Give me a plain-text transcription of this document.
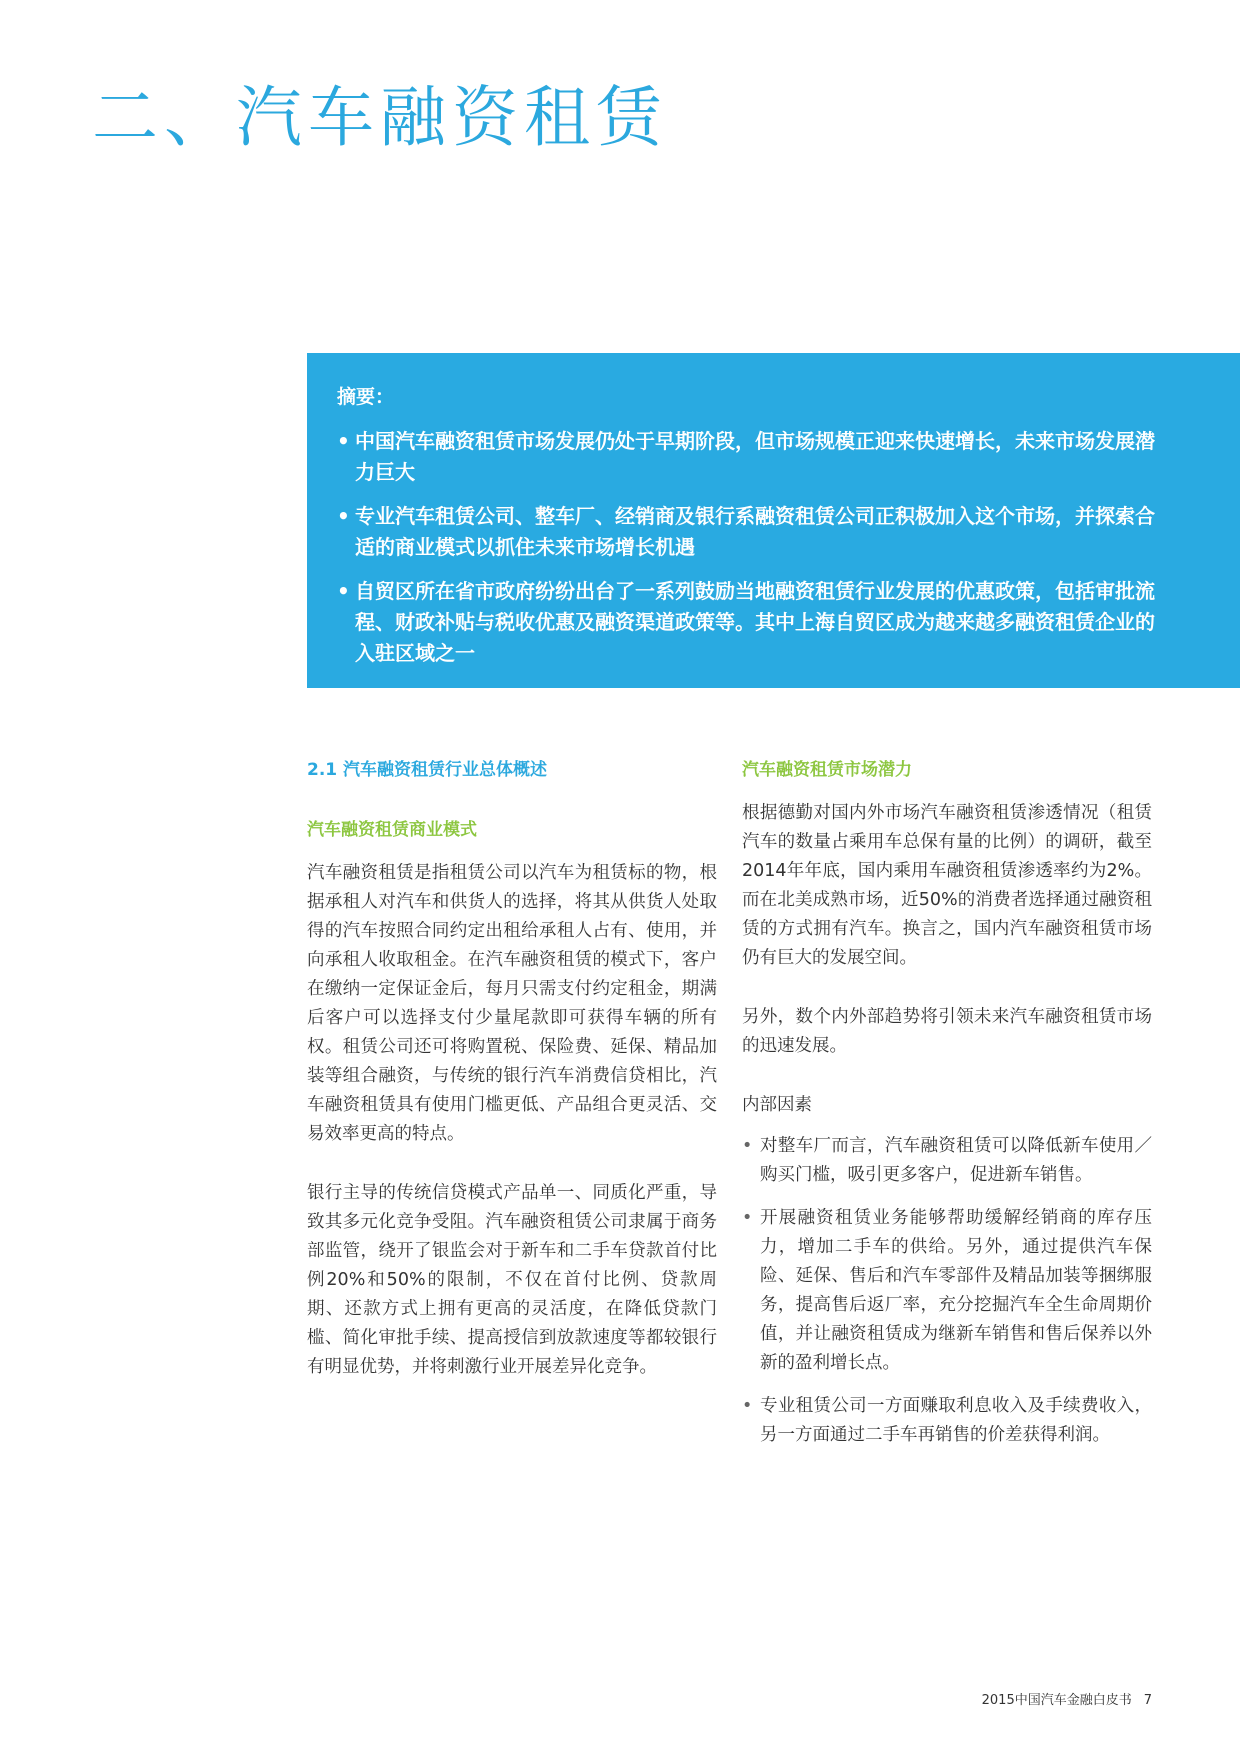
二、汽车融资租赁
摘要：
• 中国汽车融资租赁市场发展仍处于早期阶段，但市场规模正迎来快速增长，未来市场发展潜力巨大
• 专业汽车租赁公司、整车厂、经销商及银行系融资租赁公司正积极加入这个市场，并探索合适的商业模式以抓住未来市场增长机遇
• 自贸区所在省市政府纷纷出台了一系列鼓励当地融资租赁行业发展的优惠政策，包括审批流程、财政补贴与税收优惠及融资渠道政策等。其中上海自贸区成为越来越多融资租赁企业的入驻区域之一
2.1 汽车融资租赁行业总体概述
汽车融资租赁商业模式

汽车融资租赁是指租赁公司以汽车为租赁标的物，根据承租人对汽车和供货人的选择，将其从供货人处取得的汽车按照合同约定出租给承租人占有、使用，并向承租人收取租金。在汽车融资租赁的模式下，客户在缴纳一定保证金后，每月只需支付约定租金，期满后客户可以选择支付少量尾款即可获得车辆的所有权。租赁公司还可将购置税、保险费、延保、精品加装等组合融资，与传统的银行汽车消费信贷相比，汽车融资租赁具有使用门槛更低、产品组合更灵活、交易效率更高的特点。

银行主导的传统信贷模式产品单一、同质化严重，导致其多元化竞争受阻。汽车融资租赁公司隶属于商务部监管，绕开了银监会对于新车和二手车贷款首付比例20%和50%的限制，不仅在首付比例、贷款周期、还款方式上拥有更高的灵活度，在降低贷款门槛、简化审批手续、提高授信到放款速度等都较银行有明显优势，并将刺激行业开展差异化竞争。

汽车融资租赁市场潜力

根据德勤对国内外市场汽车融资租赁渗透情况（租赁汽车的数量占乘用车总保有量的比例）的调研，截至2014年年底，国内乘用车融资租赁渗透率约为2%。而在北美成熟市场，近50%的消费者选择通过融资租赁的方式拥有汽车。换言之，国内汽车融资租赁市场仍有巨大的发展空间。

另外，数个内外部趋势将引领未来汽车融资租赁市场的迅速发展。

内部因素
• 对整车厂而言，汽车融资租赁可以降低新车使用／购买门槛，吸引更多客户，促进新车销售。
• 开展融资租赁业务能够帮助缓解经销商的库存压力，增加二手车的供给。另外，通过提供汽车保险、延保、售后和汽车零部件及精品加装等捆绑服务，提高售后返厂率，充分挖掘汽车全生命周期价值，并让融资租赁成为继新车销售和售后保养以外新的盈利增长点。
• 专业租赁公司一方面赚取利息收入及手续费收入，另一方面通过二手车再销售的价差获得利润。
2015中国汽车金融白皮书 7
